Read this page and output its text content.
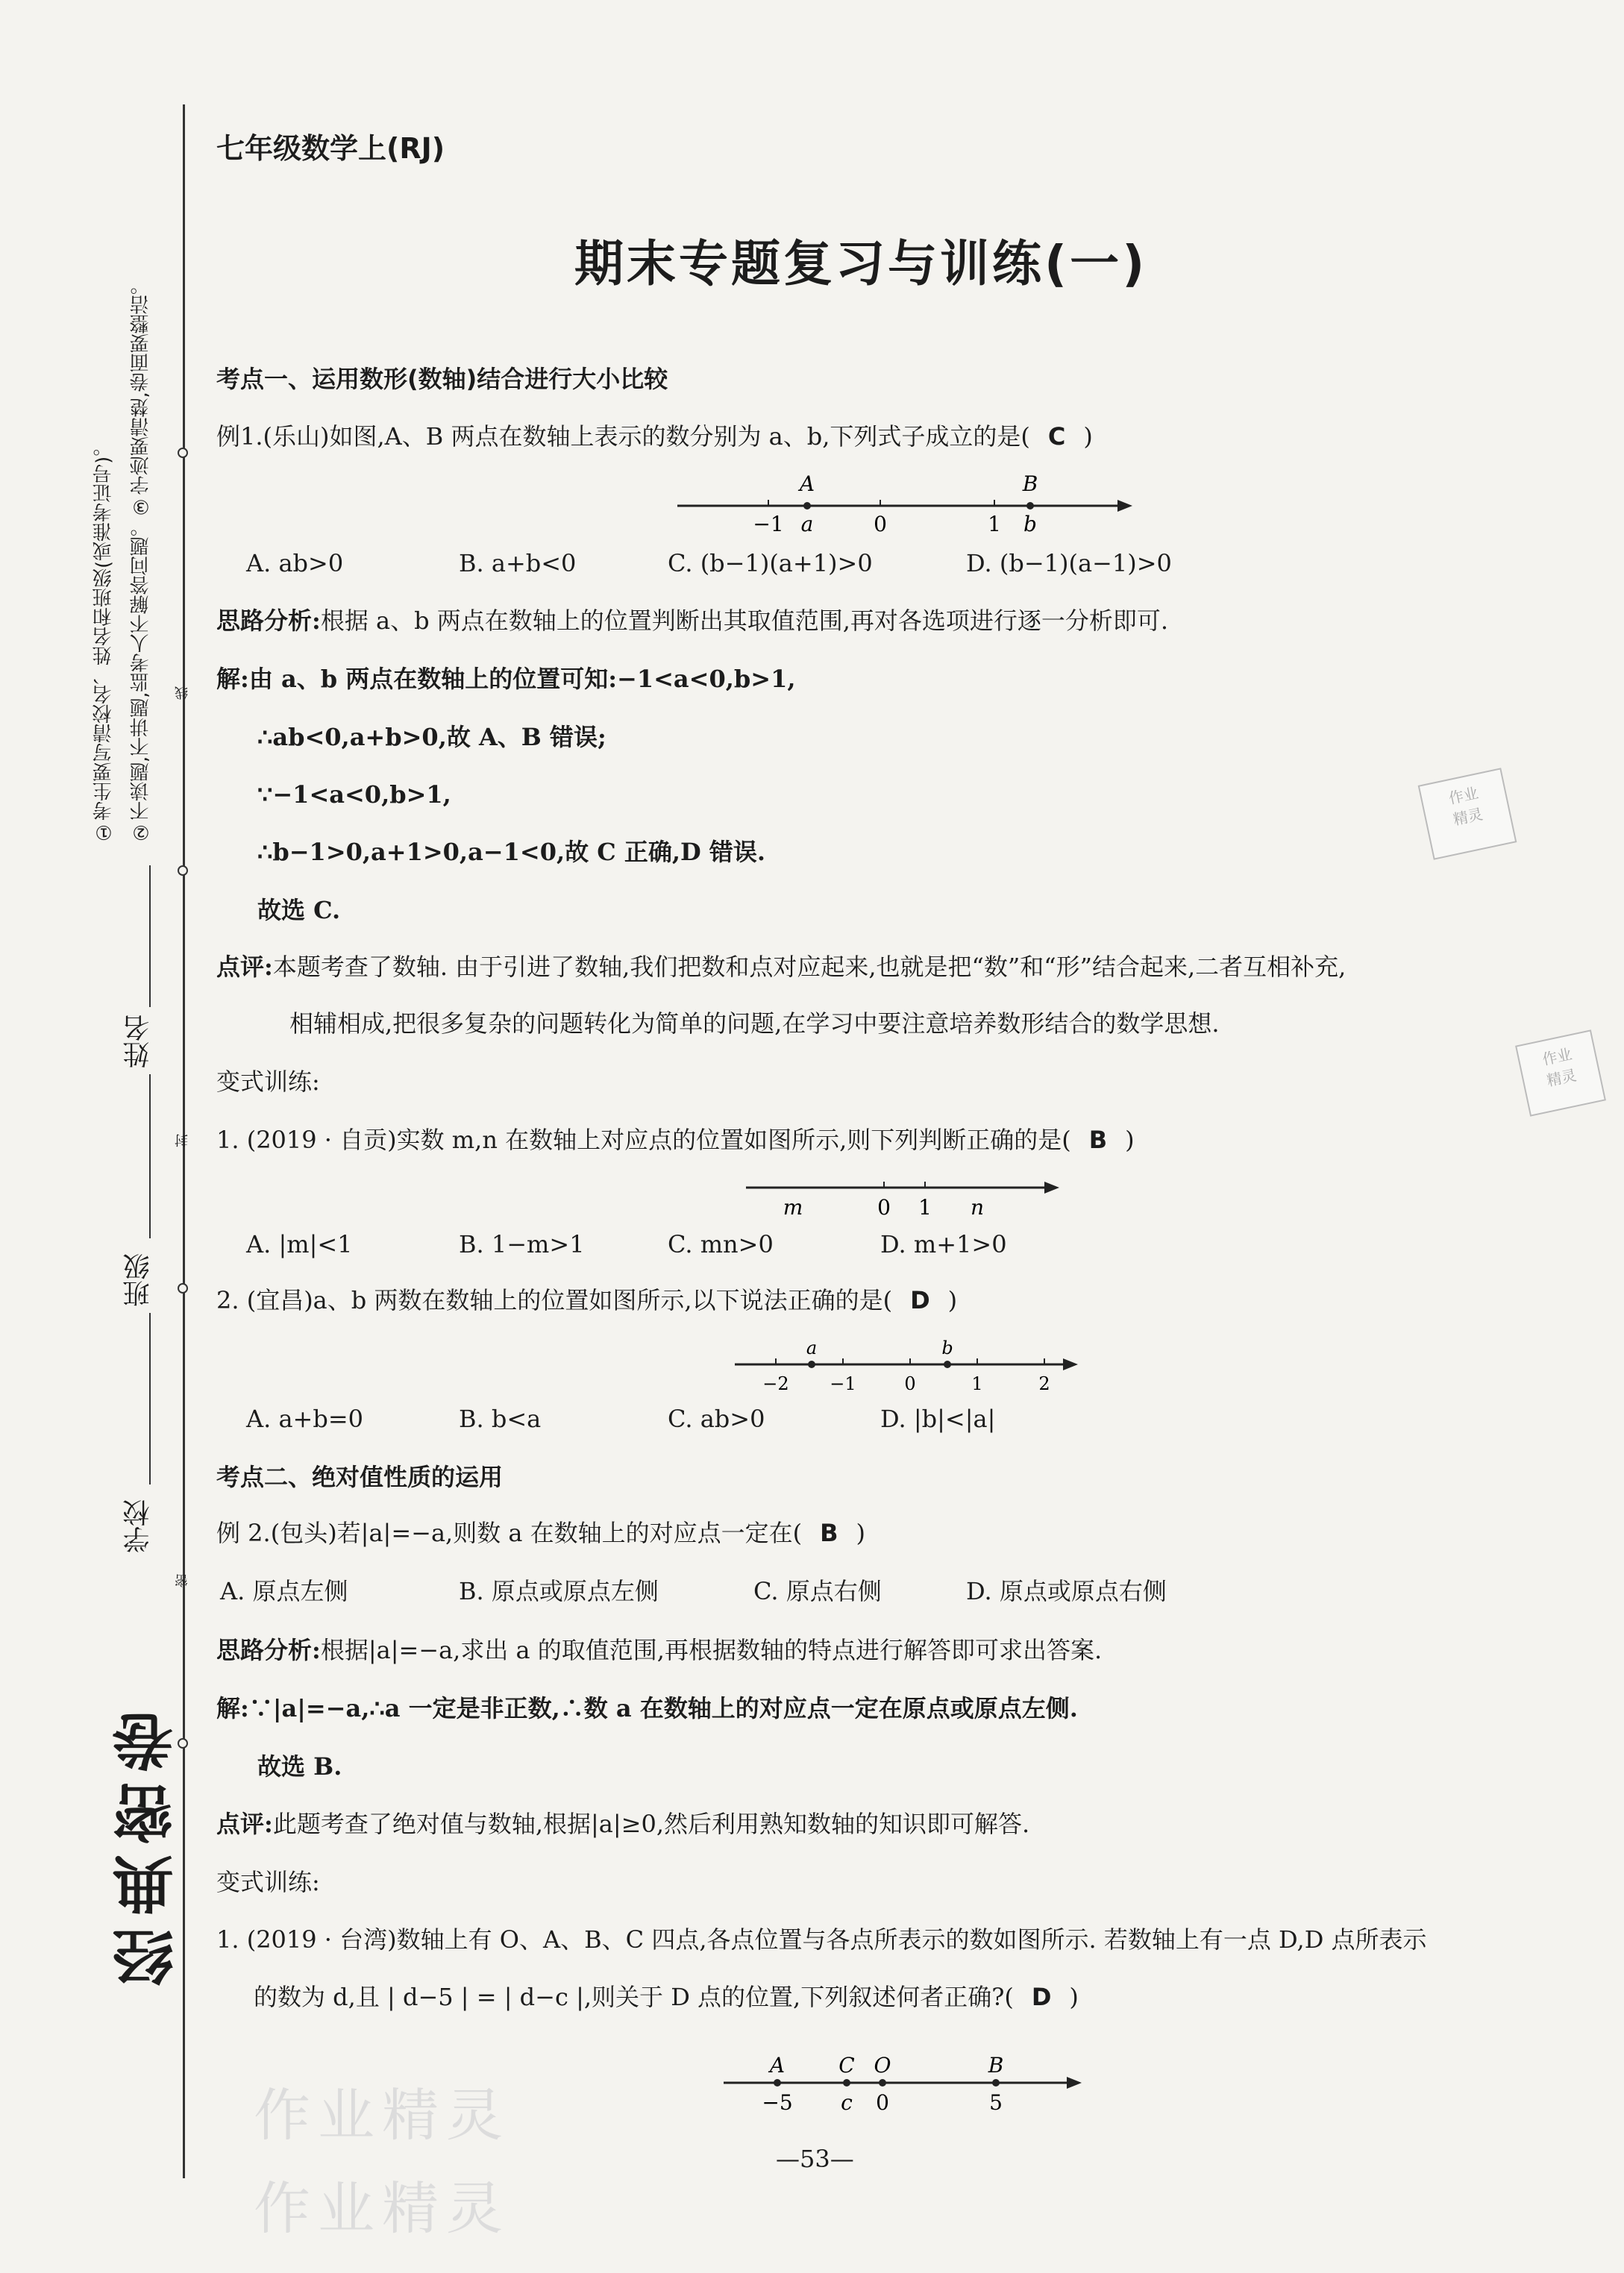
①考生要写清校名、姓名和班级(或准考证号)。 ②不读题,不讲题,监考人不解答问题。③字迹要清楚,卷面要整洁。 线
封
密
姓名
班级
学校
经典密卷
七年级数学上(RJ)
期末专题复习与训练(一)
考点一、运用数形(数轴)结合进行大小比较
例1.(乐山)如图,A、B 两点在数轴上表示的数分别为 a、b,下列式子成立的是( C )
A	B
−1 a	0	1 b
A. ab>0	B. a+b<0	C. (b−1)(a+1)>0	D. (b−1)(a−1)>0
思路分析:根据 a、b 两点在数轴上的位置判断出其取值范围,再对各选项进行逐一分析即可.
解:由 a、b 两点在数轴上的位置可知:−1<a<0,b>1,
∴ab<0,a+b>0,故 A、B 错误;
∵−1<a<0,b>1,
∴b−1>0,a+1>0,a−1<0,故 C 正确,D 错误.
故选 C.
点评:本题考查了数轴. 由于引进了数轴,我们把数和点对应起来,也就是把“数”和“形”结合起来,二者互相补充,
相辅相成,把很多复杂的问题转化为简单的问题,在学习中要注意培养数形结合的数学思想.
变式训练:
1. (2019 · 自贡)实数 m,n 在数轴上对应点的位置如图所示,则下列判断正确的是( B )
m	0 1 n
A. |m|<1	B. 1−m>1	C. mn>0	D. m+1>0
2. (宜昌)a、b 两数在数轴上的位置如图所示,以下说法正确的是( D )
a	b
−2 −1	0	1	2
A. a+b=0	B. b<a	C. ab>0	D. |b|<|a|
考点二、绝对值性质的运用
例 2.(包头)若|a|=−a,则数 a 在数轴上的对应点一定在( B )
A. 原点左侧	B. 原点或原点左侧	C. 原点右侧	D. 原点或原点右侧
思路分析:根据|a|=−a,求出 a 的取值范围,再根据数轴的特点进行解答即可求出答案.
解:∵|a|=−a,∴a 一定是非正数,∴数 a 在数轴上的对应点一定在原点或原点左侧.
故选 B.
点评:此题考查了绝对值与数轴,根据|a|≥0,然后利用熟知数轴的知识即可解答.
变式训练:
1. (2019 · 台湾)数轴上有 O、A、B、C 四点,各点位置与各点所表示的数如图所示. 若数轴上有一点 D,D 点所表示
的数为 d,且 | d−5 | = | d−c |,则关于 D 点的位置,下列叙述何者正确?( D )
A	C O	B
−5 c 0	5
作业
精灵
作业
精灵
作业精灵
作业精灵
—53—
